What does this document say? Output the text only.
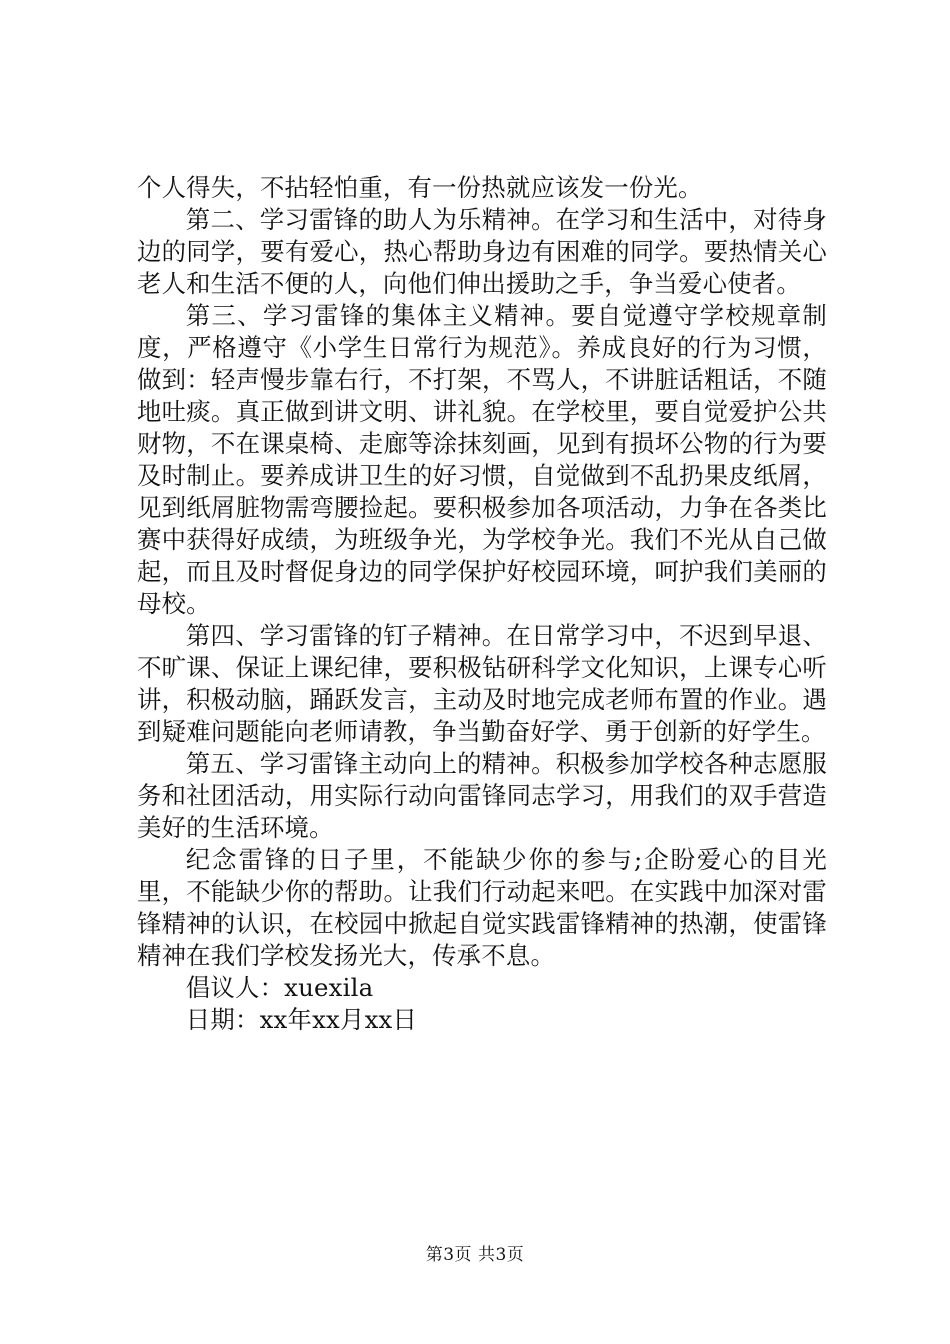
个人得失，不拈轻怕重，有一份热就应该发一份光。

第二、学习雷锋的助人为乐精神。在学习和生活中，对待身边的同学，要有爱心，热心帮助身边有困难的同学。要热情关心老人和生活不便的人，向他们伸出援助之手，争当爱心使者。

第三、学习雷锋的集体主义精神。要自觉遵守学校规章制度，严格遵守《小学生日常行为规范》。养成良好的行为习惯，做到：轻声慢步靠右行，不打架，不骂人，不讲脏话粗话，不随地吐痰。真正做到讲文明、讲礼貌。在学校里，要自觉爱护公共财物，不在课桌椅、走廊等涂抹刻画，见到有损坏公物的行为要及时制止。要养成讲卫生的好习惯，自觉做到不乱扔果皮纸屑，见到纸屑脏物需弯腰捡起。要积极参加各项活动，力争在各类比赛中获得好成绩，为班级争光，为学校争光。我们不光从自己做起，而且及时督促身边的同学保护好校园环境，呵护我们美丽的母校。

第四、学习雷锋的钉子精神。在日常学习中，不迟到早退、不旷课、保证上课纪律，要积极钻研科学文化知识，上课专心听讲，积极动脑，踊跃发言，主动及时地完成老师布置的作业。遇到疑难问题能向老师请教，争当勤奋好学、勇于创新的好学生。

第五、学习雷锋主动向上的精神。积极参加学校各种志愿服务和社团活动，用实际行动向雷锋同志学习，用我们的双手营造美好的生活环境。

纪念雷锋的日子里，不能缺少你的参与;企盼爱心的目光里，不能缺少你的帮助。让我们行动起来吧。在实践中加深对雷锋精神的认识，在校园中掀起自觉实践雷锋精神的热潮，使雷锋精神在我们学校发扬光大，传承不息。

倡议人：xuexila

日期：xx年xx月xx日

第3页 共3页
